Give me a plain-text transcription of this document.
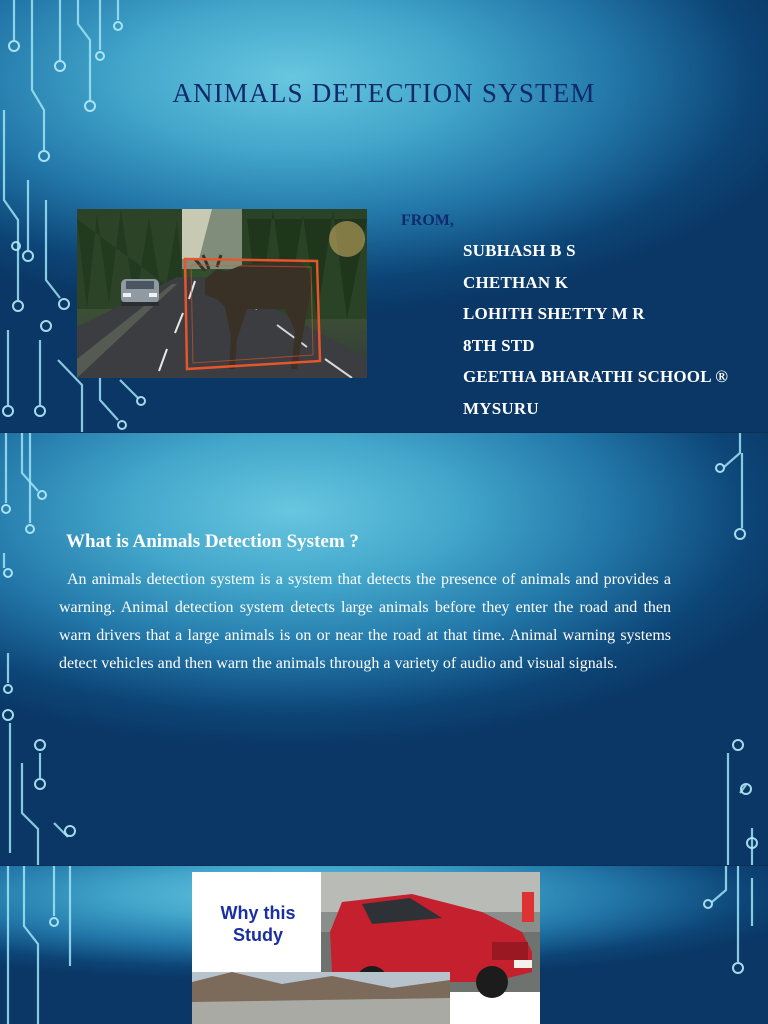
ANIMALS DETECTION SYSTEM

FROM,

SUBHASH B S
CHETHAN K
LOHITH SHETTY M R
8TH STD
GEETHA BHARATHI SCHOOL ®
MYSURU
What is Animals Detection System ?

An animals detection system is a system that detects the presence of animals and provides a warning. Animal detection system detects large animals before they enter the road and then warn drivers that a large animals is on or near the road at that time. Animal warning systems detect vehicles and then warn the animals through a variety of audio and visual signals.

Why this Study
